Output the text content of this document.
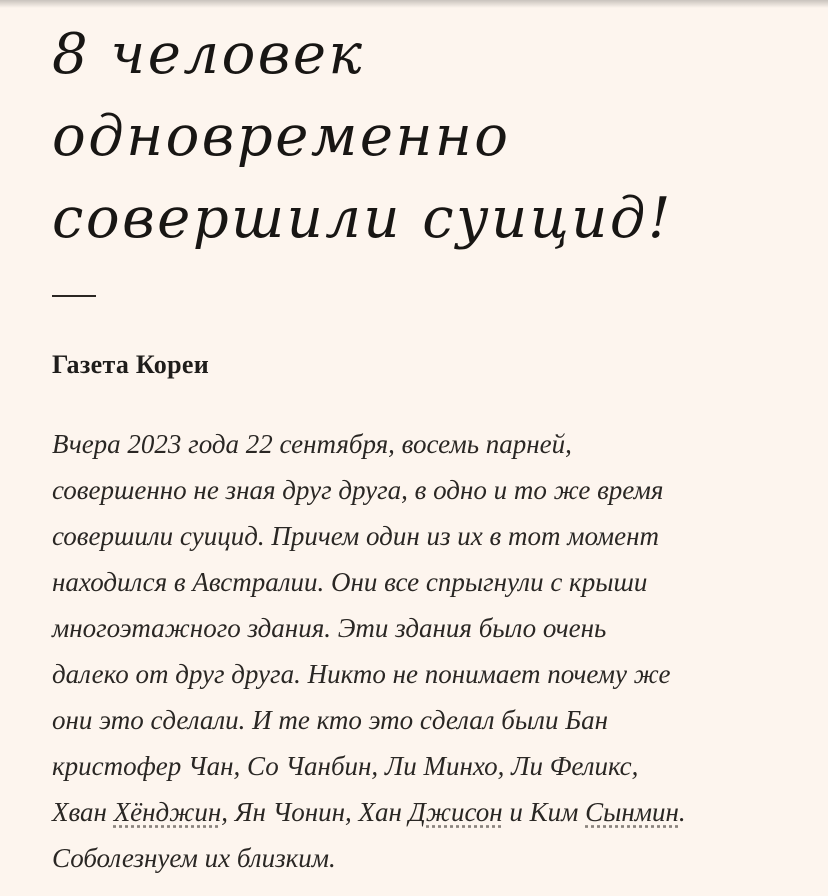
8 человек
одновременно
совершили суицид!

Газета Кореи

Вчера 2023 года 22 сентября, восемь парней,
совершенно не зная друг друга, в одно и то же время
совершили суицид. Причем один из их в тот момент
находился в Австралии. Они все спрыгнули с крыши
многоэтажного здания. Эти здания было очень
далеко от друг друга. Никто не понимает почему же
они это сделали. И те кто это сделал были Бан
кристофер Чан, Со Чанбин, Ли Минхо, Ли Феликс,
Хван Хёнджин, Ян Чонин, Хан Джисон и Ким Сынмин.
Соболезнуем их близким.
